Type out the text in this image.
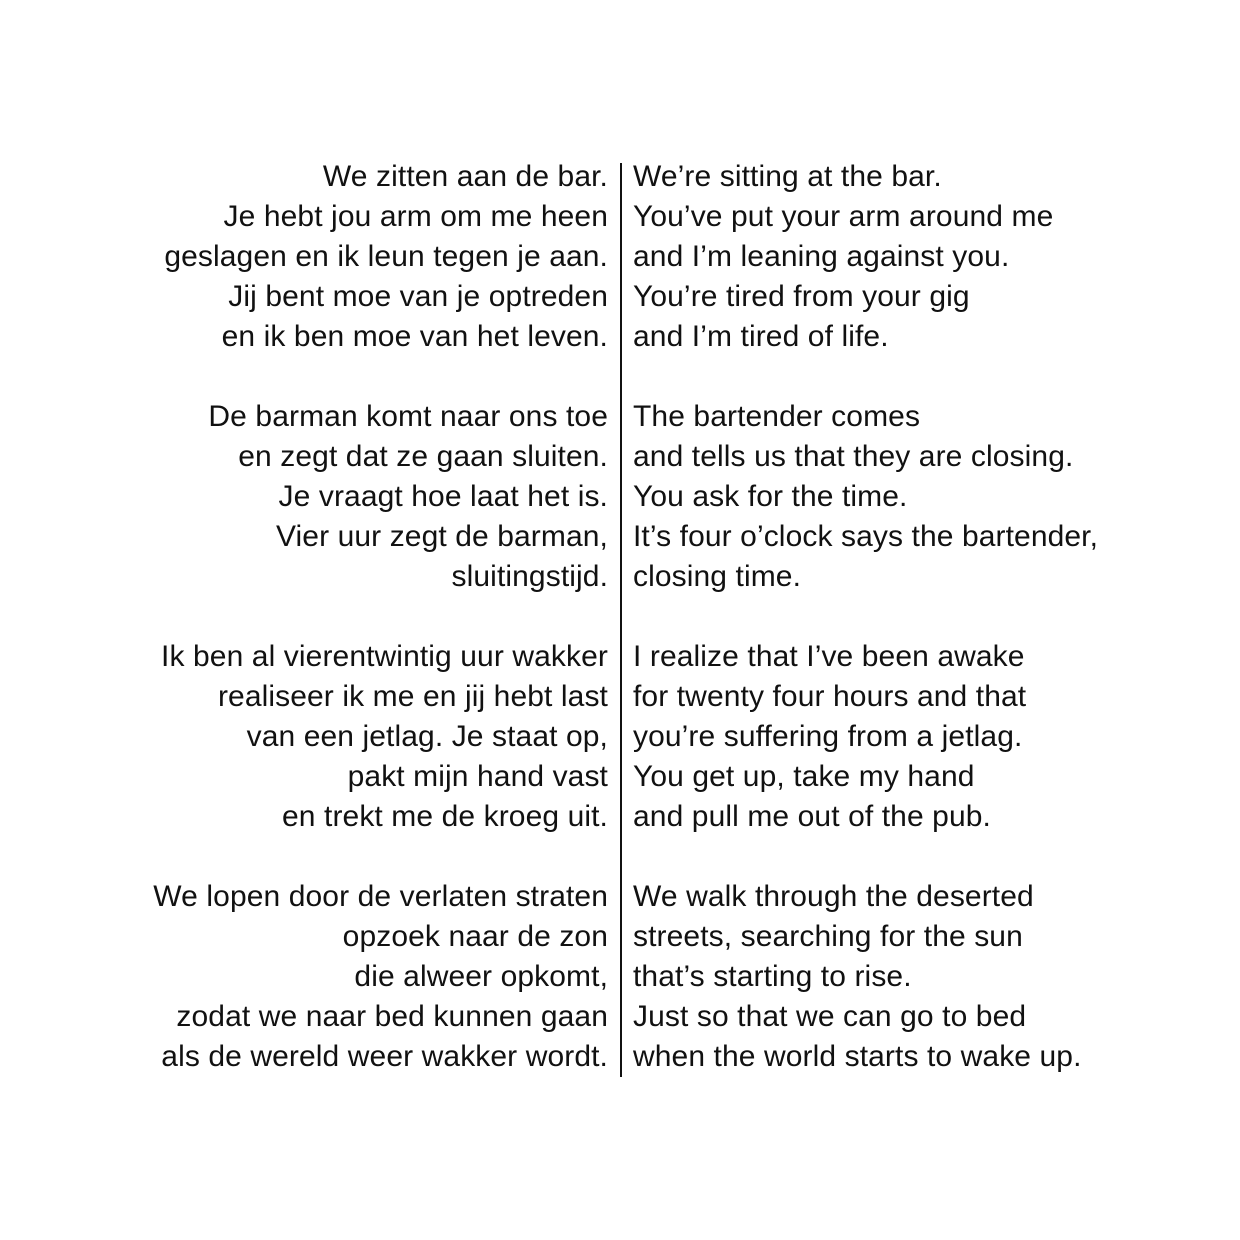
We zitten aan de bar.
Je hebt jou arm om me heen
geslagen en ik leun tegen je aan.
Jij bent moe van je optreden
en ik ben moe van het leven.
De barman komt naar ons toe
en zegt dat ze gaan sluiten.
Je vraagt hoe laat het is.
Vier uur zegt de barman,
sluitingstijd.
Ik ben al vierentwintig uur wakker
realiseer ik me en jij hebt last
van een jetlag. Je staat op,
pakt mijn hand vast
en trekt me de kroeg uit.
We lopen door de verlaten straten
opzoek naar de zon
die alweer opkomt,
zodat we naar bed kunnen gaan
als de wereld weer wakker wordt.
We’re sitting at the bar.
You’ve put your arm around me
and I’m leaning against you.
You’re tired from your gig
and I’m tired of life.
The bartender comes
and tells us that they are closing.
You ask for the time.
It’s four o’clock says the bartender,
closing time.
I realize that I’ve been awake
for twenty four hours and that
you’re suffering from a jetlag.
You get up, take my hand
and pull me out of the pub.
We walk through the deserted
streets, searching for the sun
that’s starting to rise.
Just so that we can go to bed
when the world starts to wake up.
